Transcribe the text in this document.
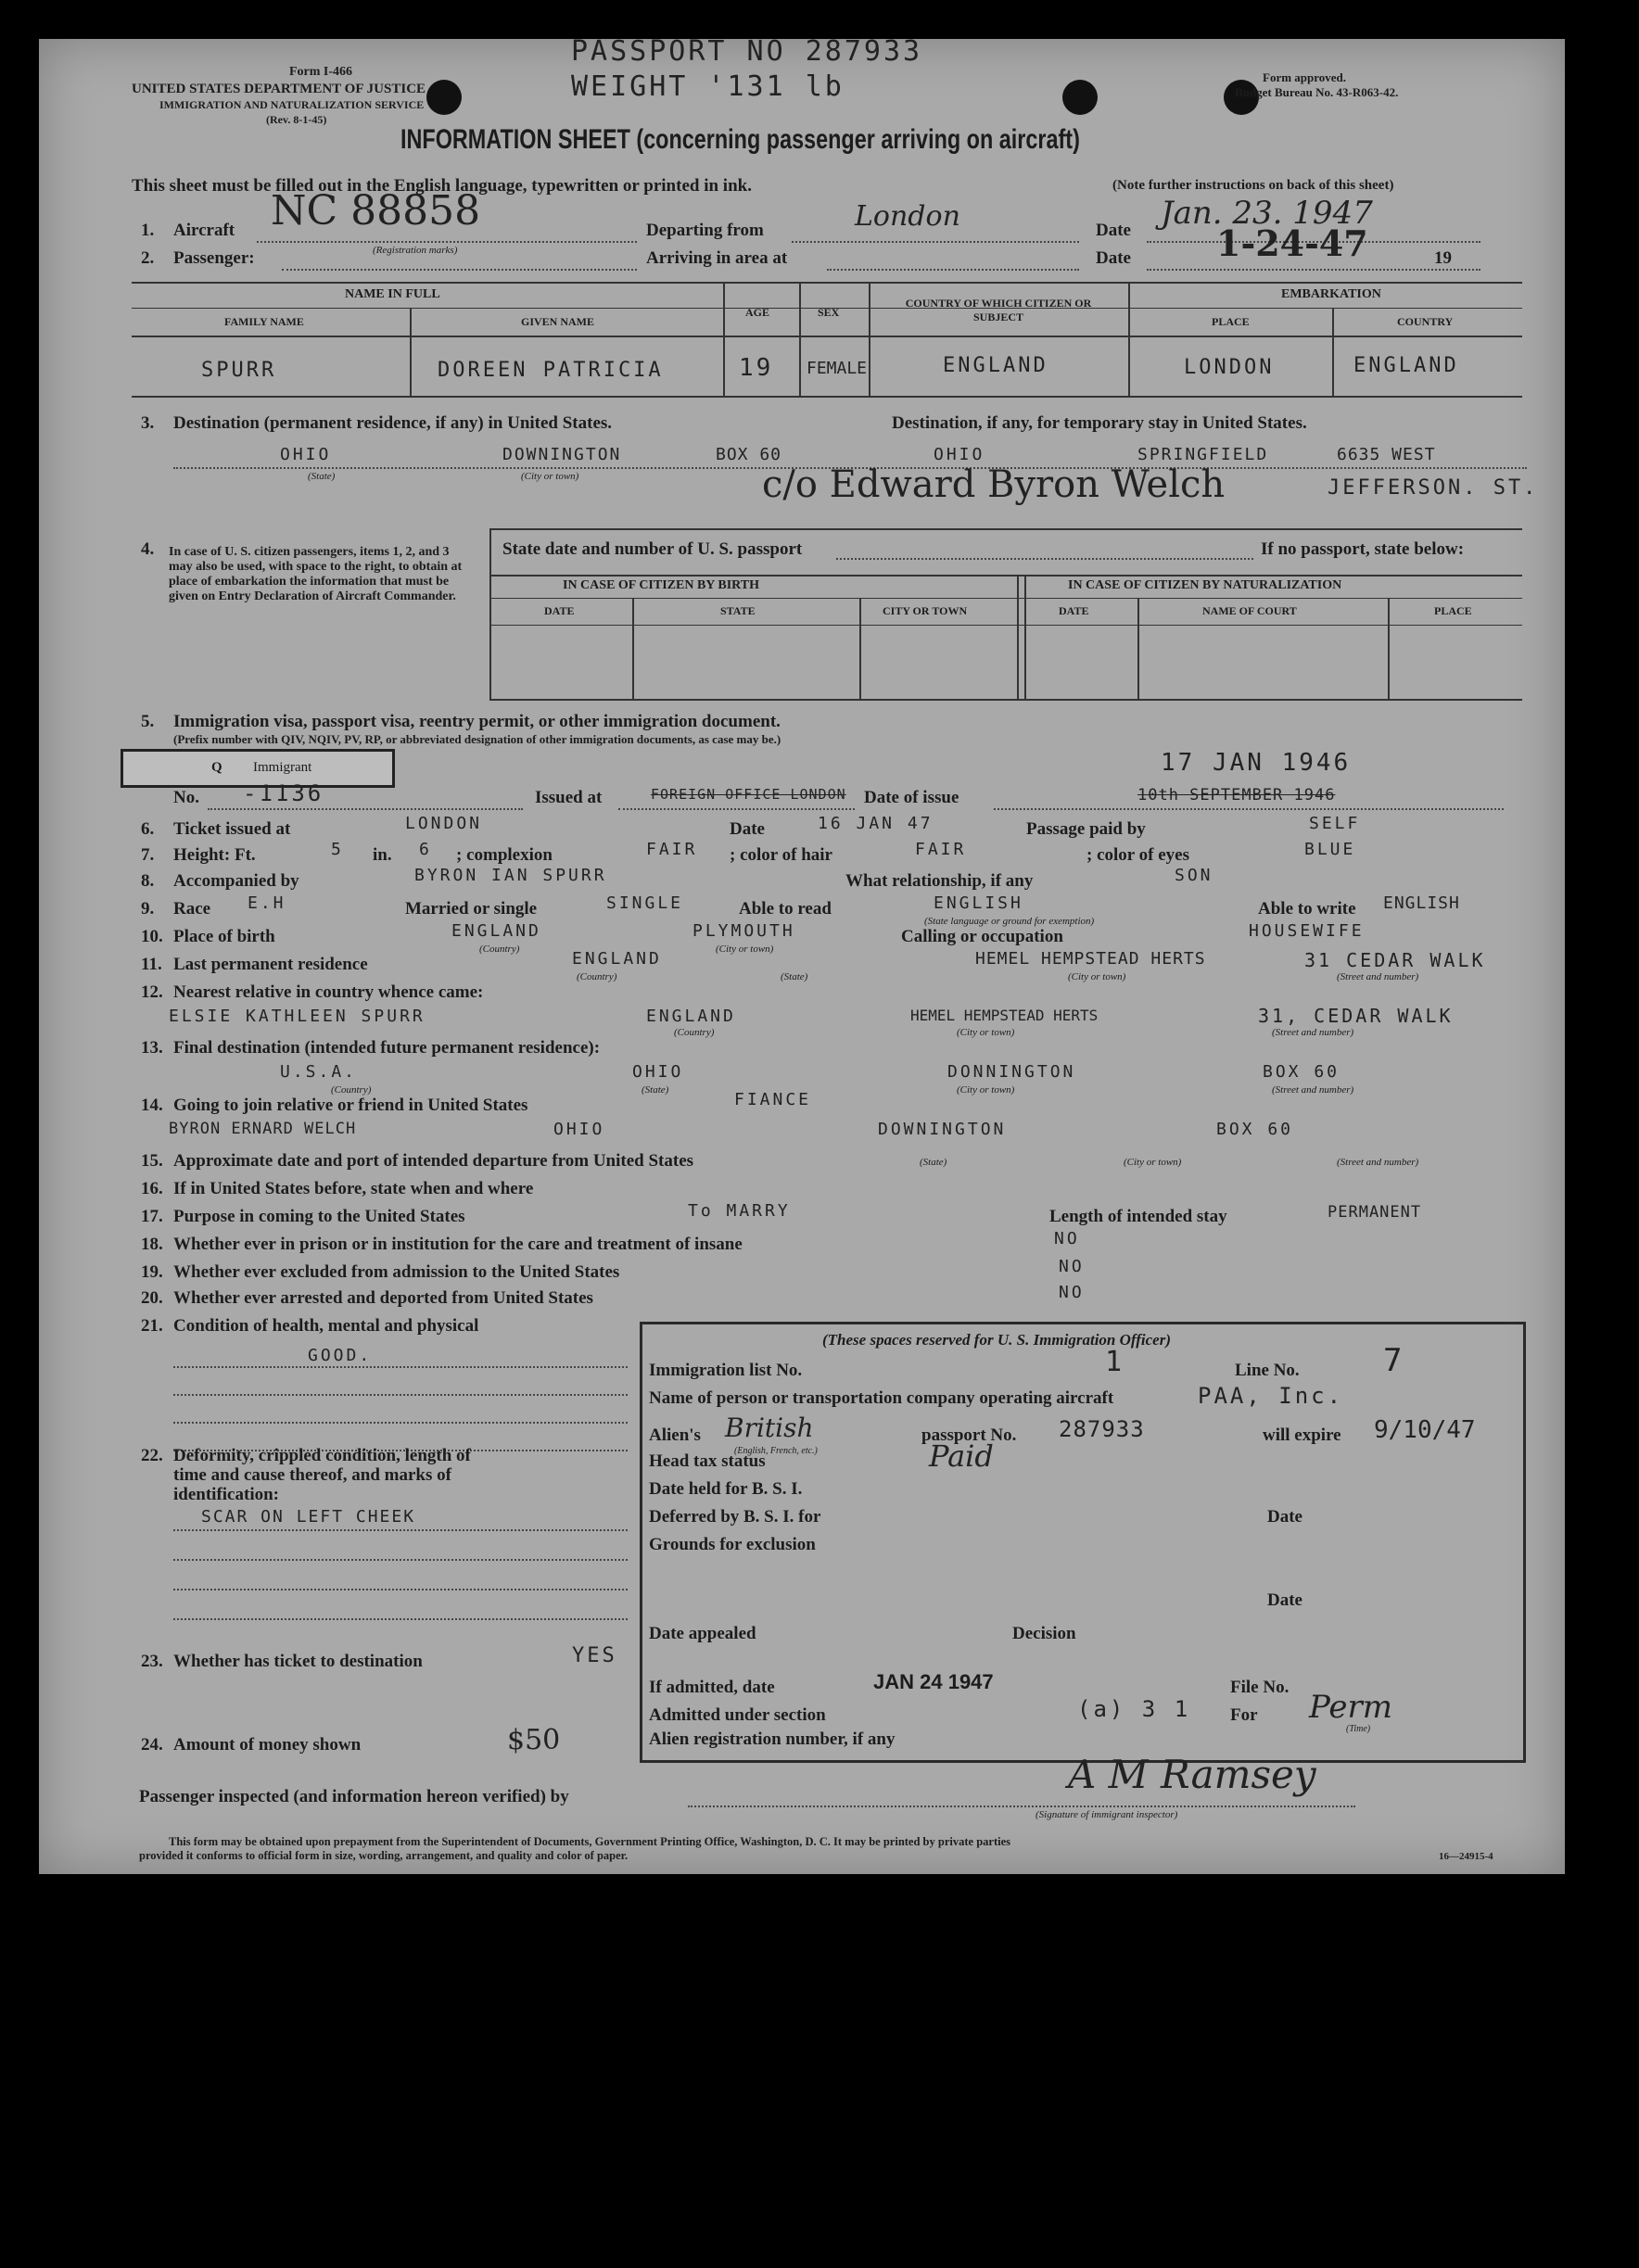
PASSPORT NO 287933
WEIGHT '131 lb
Form I-466
UNITED STATES DEPARTMENT OF JUSTICE
IMMIGRATION AND NATURALIZATION SERVICE
(Rev. 8-1-45)
Form approved.
Budget Bureau No. 43-R063-42.
INFORMATION SHEET (concerning passenger arriving on aircraft)
This sheet must be filled out in the English language, typewritten or printed in ink.	(Note further instructions on back of this sheet)
1. Aircraft NC 88858
(Registration marks)
Departing from	London	Date Jan. 23. 1947
2. Passenger:	Arriving in area at	Date 1-24-47	19
NAME IN FULL
FAMILY NAME	GIVEN NAME
AGE	SEX
COUNTRY OF WHICH CITIZEN OR SUBJECT
EMBARKATION
PLACE	COUNTRY
SPURR	DOREEN PATRICIA	19 FEMALE	ENGLAND	LONDON	ENGLAND
3. Destination (permanent residence, if any) in United States.	Destination, if any, for temporary stay in United States.
OHIO	DOWNINGTON	BOX 60	OHIO	SPRINGFIELD	6635 WEST
(State)	(City or town)	c/o Edward Byron Welch	JEFFERSON. ST.
4. In case of U. S. citizen passengers, items 1, 2, and 3 may also be used, with space to the right, to obtain at place of embarkation the information that must be given on Entry Declaration of Aircraft Commander.
State date and number of U. S. passport	If no passport, state below:
IN CASE OF CITIZEN BY BIRTH	IN CASE OF CITIZEN BY NATURALIZATION
DATE	STATE	CITY OR TOWN	DATE	NAME OF COURT	PLACE
5. Immigration visa, passport visa, reentry permit, or other immigration document.
(Prefix number with QIV, NQIV, PV, RP, or abbreviated designation of other immigration documents, as case may be.)
Q Immigrant
No. -1136	Issued at	FOREIGN OFFICE LONDON Date of issue
17 JAN 1946
10th SEPTEMBER 1946
6. Ticket issued at	LONDON	Date	16 JAN 47	Passage paid by	SELF
7. Height: Ft.	5 in. 6 ; complexion	FAIR ; color of hair	FAIR	; color of eyes	BLUE
8. Accompanied by	BYRON IAN SPURR	What relationship, if any	SON
9. Race E.H	Married or single	SINGLE	Able to read	ENGLISH
(State language or ground for exemption)
Able to write ENGLISH
10. Place of birth	ENGLAND	PLYMOUTH
(Country)	(City or town)
Calling or occupation	HOUSEWIFE
11. Last permanent residence	ENGLAND	HEMEL HEMPSTEAD HERTS	31 CEDAR WALK
(Country)	(State)	(City or town)	(Street and number)
12. Nearest relative in country whence came:
ELSIE KATHLEEN SPURR	ENGLAND	HEMEL HEMPSTEAD HERTS	31, CEDAR WALK
(Country)	(City or town)	(Street and number)
13. Final destination (intended future permanent residence):
U.S.A.	OHIO	DONNINGTON	BOX 60
(Country)	(State)	(City or town)	(Street and number)
14. Going to join relative or friend in United States	FIANCE
BYRON ERNARD WELCH	OHIO	DOWNINGTON	BOX 60
(State)	(City or town)	(Street and number)
15. Approximate date and port of intended departure from United States
16. If in United States before, state when and where
17. Purpose in coming to the United States	To MARRY	Length of intended stay	PERMANENT
18. Whether ever in prison or in institution for the care and treatment of insane	NO
19. Whether ever excluded from admission to the United States	NO
20. Whether ever arrested and deported from United States	NO
21. Condition of health, mental and physical
GOOD.
22. Deformity, crippled condition, length of time and cause thereof, and marks of identification:
SCAR ON LEFT CHEEK
23. Whether has ticket to destination	YES
24. Amount of money shown	$50
(These spaces reserved for U. S. Immigration Officer)
Immigration list No.	1	Line No.	7
Name of person or transportation company operating aircraft	PAA, Inc.
Alien's British
(English, French, etc.)
passport No. 287933	will expire 9/10/47
Head tax status	Paid
Date held for B. S. I.
Deferred by B. S. I. for	Date
Grounds for exclusion
Date
Date appealed	Decision
If admitted, date	JAN 24 1947	File No.
Admitted under section	(a) 3 1 For Perm
(Time)
Alien registration number, if any
Passenger inspected (and information hereon verified) by	A M Ramsey
(Signature of immigrant inspector)
This form may be obtained upon prepayment from the Superintendent of Documents, Government Printing Office, Washington, D. C. It may be printed by private parties
provided it conforms to official form in size, wording, arrangement, and quality and color of paper.	16—24915-4
